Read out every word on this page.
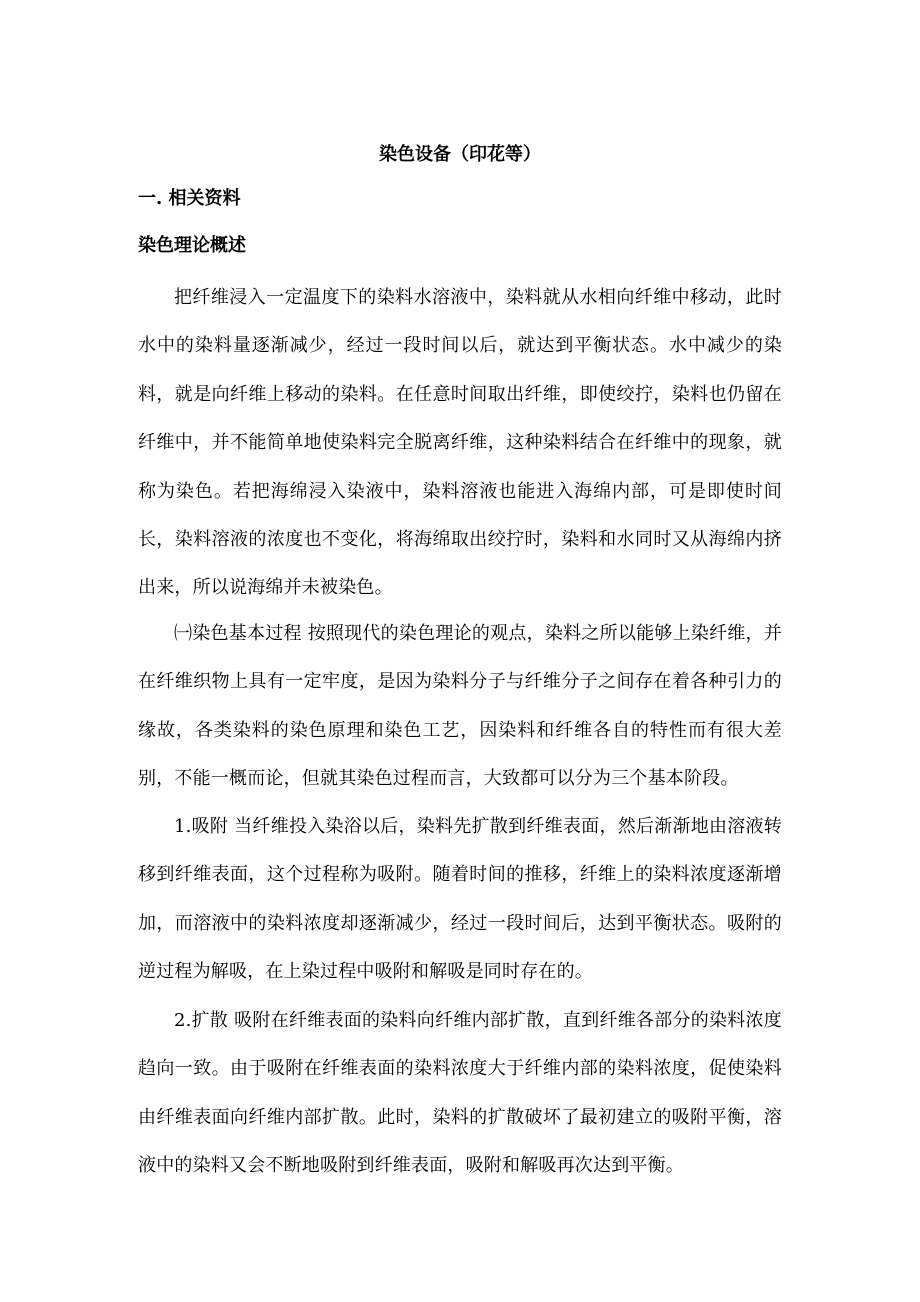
染色设备（印花等）
一. 相关资料
染色理论概述

把纤维浸入一定温度下的染料水溶液中，染料就从水相向纤维中移动，此时水中的染料量逐渐减少，经过一段时间以后，就达到平衡状态。水中减少的染料，就是向纤维上移动的染料。在任意时间取出纤维，即使绞拧，染料也仍留在纤维中，并不能简单地使染料完全脱离纤维，这种染料结合在纤维中的现象，就称为染色。若把海绵浸入染液中，染料溶液也能进入海绵内部，可是即使时间长，染料溶液的浓度也不变化，将海绵取出绞拧时，染料和水同时又从海绵内挤出来，所以说海绵并未被染色。

㈠染色基本过程 按照现代的染色理论的观点，染料之所以能够上染纤维，并在纤维织物上具有一定牢度，是因为染料分子与纤维分子之间存在着各种引力的缘故，各类染料的染色原理和染色工艺，因染料和纤维各自的特性而有很大差别，不能一概而论，但就其染色过程而言，大致都可以分为三个基本阶段。

1.吸附 当纤维投入染浴以后，染料先扩散到纤维表面，然后渐渐地由溶液转移到纤维表面，这个过程称为吸附。随着时间的推移，纤维上的染料浓度逐渐增加，而溶液中的染料浓度却逐渐减少，经过一段时间后，达到平衡状态。吸附的逆过程为解吸，在上染过程中吸附和解吸是同时存在的。

2.扩散 吸附在纤维表面的染料向纤维内部扩散，直到纤维各部分的染料浓度趋向一致。由于吸附在纤维表面的染料浓度大于纤维内部的染料浓度，促使染料由纤维表面向纤维内部扩散。此时，染料的扩散破坏了最初建立的吸附平衡，溶液中的染料又会不断地吸附到纤维表面，吸附和解吸再次达到平衡。
